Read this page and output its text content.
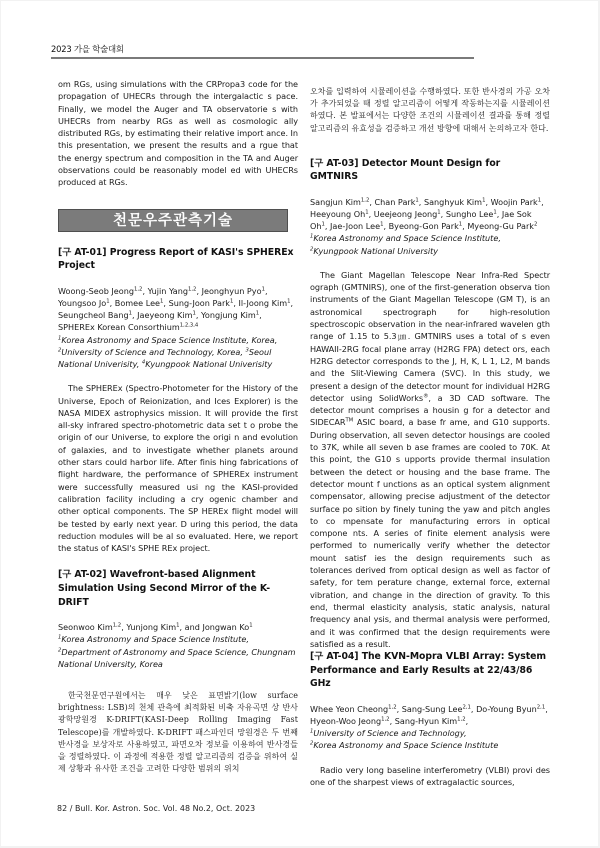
2023 가을 학술대회

om RGs, using simulations with the CRPropa3 code for the propagation of UHECRs through the intergalactic s pace. Finally, we model the Auger and TA observatorie s with UHECRs from nearby RGs as well as cosmologic ally distributed RGs, by estimating their relative import ance. In this presentation, we present the results and a rgue that the energy spectrum and composition in the TA and Auger observations could be reasonably model ed with UHECRs produced at RGs.

천문우주관측기술
[구 AT-01] Progress Report of KASI's SPHEREx Project

Woong-Seob Jeong$^{1,2}$, Yujin Yang$^{1,2}$, Jeonghyun Pyo$^1$, Youngsoo Jo$^1$, Bomee Lee$^1$, Sung-Joon Park$^1$, Il-Joong Kim$^1$, Seungcheol Bang$^1$, Jaeyeong Kim$^1$, Yongjung Kim$^1$, SPHEREx Korean Consorthium$^{1,2,3,4}$

$^1$Korea Astronomy and Space Science Institute, Korea, $^2$University of Science and Technology, Korea, $^3$Seoul National Univerisity, $^4$Kyungpook National Univerisity

The SPHEREx (Spectro-Photometer for the History of the Universe, Epoch of Reionization, and Ices Explorer) is the NASA MIDEX astrophysics mission. It will provide the first all-sky infrared spectro-photometric data set t o probe the origin of our Universe, to explore the origi n and evolution of galaxies, and to investigate whether planets around other stars could harbor life. After finis hing fabrications of flight hardware, the performance of SPHEREx instrument were successfully measured usi ng the KASI-provided calibration facility including a cry ogenic chamber and other optical components. The SP HEREx flight model will be tested by early next year. D uring this period, the data reduction modules will be al so evaluated. Here, we report the status of KASI's SPHE REx project.

[구 AT-02] Wavefront-based Alignment Simulation Using Second Mirror of the K-DRIFT

Seonwoo Kim$^{1,2}$, Yunjong Kim$^1$, and Jongwan Ko$^1$

$^1$Korea Astronomy and Space Science Institute,
$^2$Department of Astronomy and Space Science, Chungnam National University, Korea

한국천문연구원에서는 매우 낮은 표면밝기(low surface brightness: LSB)의 천체 관측에 최적화된 비축 자유곡면 상 반사 광학망원경 K-DRIFT(KASI-Deep Rolling Imaging Fast Telescope)를 개발하였다. K-DRIFT 패스파인더 망원경은 두 번째 반사경을 보상자로 사용하였고, 파면오차 정보를 이용하여 반사경들을 정렬하였다. 이 과정에 적용한 정렬 알고리즘의 검증을 위하여 실제 상황과 유사한 조건을 고려한 다양한 범위의 위치

오차를 입력하여 시뮬레이션을 수행하였다. 또한 반사경의 가공 오차가 추가되었을 때 정렬 알고리즘이 어떻게 작동하는지를 시뮬레이션하였다. 본 발표에서는 다양한 조건의 시뮬레이션 결과를 통해 정렬 알고리즘의 유효성을 검증하고 개선 방향에 대해서 논의하고자 한다.

[구 AT-03] Detector Mount Design for GMTNIRS

Sangjun Kim$^{1,2}$, Chan Park$^1$, Sanghyuk Kim$^1$, Woojin Park$^1$, Heeyoung Oh$^1$, Ueejeong Jeong$^1$, Sungho Lee$^1$, Jae Sok Oh$^1$, Jae-Joon Lee$^1$, Byeong-Gon Park$^1$, Myeong-Gu Park$^2$

$^1$Korea Astronomy and Space Science Institute,
$^2$Kyungpook National University

The Giant Magellan Telescope Near Infra-Red Spectr ograph (GMTNIRS), one of the first-generation observa tion instruments of the Giant Magellan Telescope (GM T), is an astronomical spectrograph for high-resolution spectroscopic observation in the near-infrared wavelen gth range of 1.15 to 5.3㎛. GMTNIRS uses a total of s even HAWAII-2RG focal plane array (H2RG FPA) detect ors, each H2RG detector corresponds to the J, H, K, L 1, L2, M bands and the Slit-Viewing Camera (SVC). In this study, we present a design of the detector mount for individual H2RG detector using SolidWorks®, a 3D CAD software. The detector mount comprises a housin g for a detector and SIDECAR™ ASIC board, a base fr ame, and G10 supports. During observation, all seven detector housings are cooled to 37K, while all seven b ase frames are cooled to 70K. At this point, the G10 s upports provide thermal insulation between the detect or housing and the base frame. The detector mount f unctions as an optical system alignment compensator, allowing precise adjustment of the detector surface po sition by finely tuning the yaw and pitch angles to co mpensate for manufacturing errors in optical compone nts. A series of finite element analysis were performed to numerically verify whether the detector mount satisf ies the design requirements such as tolerances derived from optical design as well as factor of safety, for tem perature change, external force, external vibration, and change in the direction of gravity. To this end, thermal elasticity analysis, static analysis, natural frequency anal ysis, and thermal analysis were performed, and it was confirmed that the design requirements were satisfied as a result.

[구 AT-04] The KVN-Mopra VLBI Array: System Performance and Early Results at 22/43/86 GHz

Whee Yeon Cheong$^{1,2}$, Sang-Sung Lee$^{2,1}$, Do-Young Byun$^{2,1}$, Hyeon-Woo Jeong$^{1,2}$, Sang-Hyun Kim$^{1,2}$,

$^1$University of Science and Technology,
$^2$Korea Astronomy and Space Science Institute

Radio very long baseline interferometry (VLBI) provi des one of the sharpest views of extragalactic sources,

82 / Bull. Kor. Astron. Soc. Vol. 48 No.2, Oct. 2023
